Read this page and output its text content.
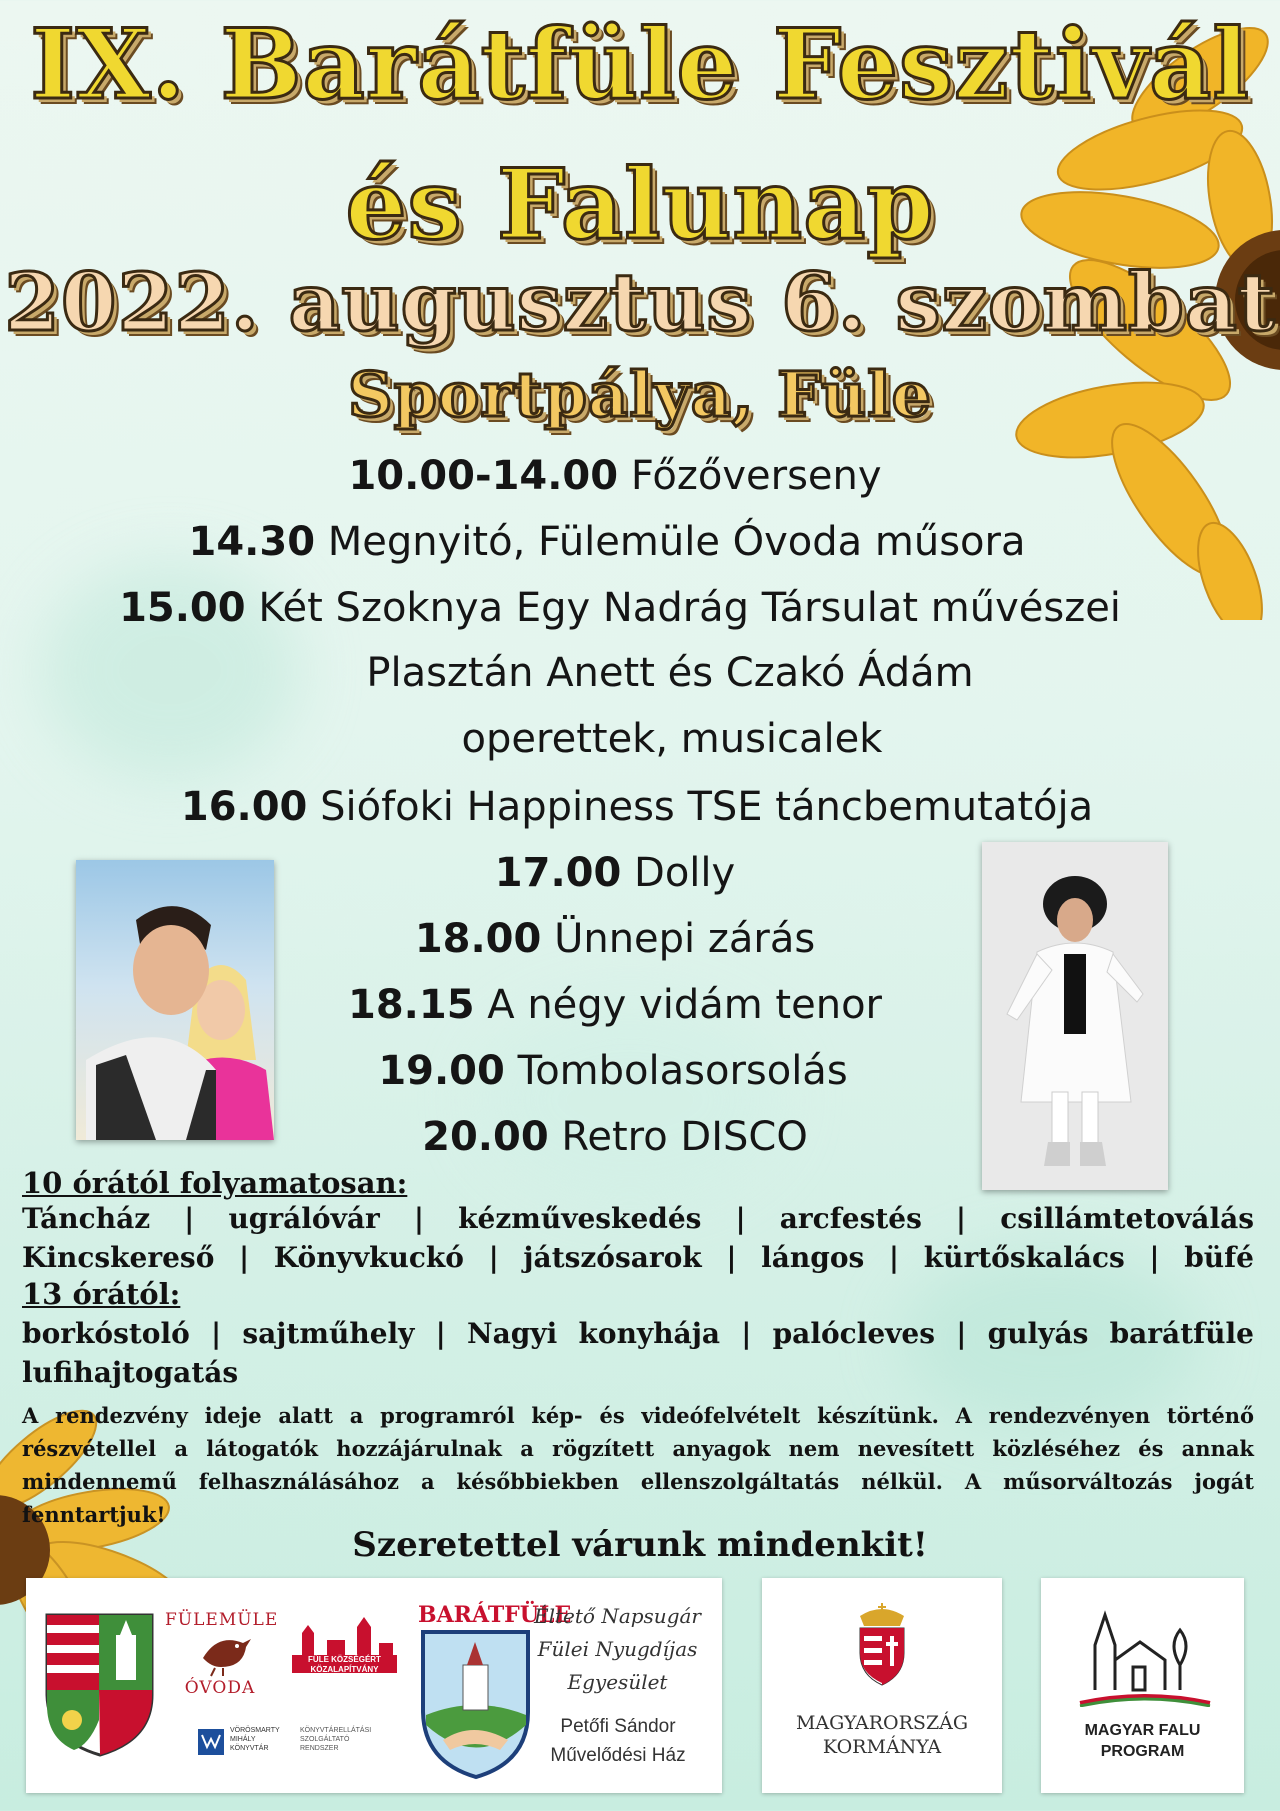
IX. Barátfüle Fesztivál
és Falunap
2022. augusztus 6. szombat
Sportpálya, Füle
10.00-14.00 Főzőverseny
14.30 Megnyitó, Fülemüle Óvoda műsora
15.00 Két Szoknya Egy Nadrág Társulat művészei
Plasztán Anett és Czakó Ádám
operettek, musicalek
16.00 Siófoki Happiness TSE táncbemutatója
17.00 Dolly
18.00 Ünnepi zárás
18.15 A négy vidám tenor
19.00 Tombolasorsolás
20.00 Retro DISCO
10 órától folyamatosan:
Táncház | ugrálóvár | kézműveskedés | arcfestés | csillámtetoválás
Kincskereső | Könyvkuckó | játszósarok | lángos | kürtőskalács | büfé
13 órától:
borkóstoló | sajtműhely | Nagyi konyhája | palócleves | gulyás barátfüle
lufihajtogatás
A rendezvény ideje alatt a programról kép- és videófelvételt készítünk. A rendezvényen történő részvétellel a látogatók hozzájárulnak a rögzített anyagok nem nevesített közléséhez és annak mindennemű felhasználásához a későbbiekben ellenszolgáltatás nélkül. A műsorváltozás jogát fenntartjuk!
Szeretettel várunk mindenkit!
FÜLEMÜLE
ÓVODA
FÜLE KÖZSÉGÉRT KÖZALAPÍTVÁNY
VÖRÖSMARTY MIHÁLY KÖNYVTÁR
KÖNYVTÁRELLÁTÁSI SZOLGÁLTATÓ RENDSZER
BARÁTFÜLE
Éltető Napsugár
Fülei Nyugdíjas
Egyesület
Petőfi Sándor
Művelődési Ház
MAGYARORSZÁG
KORMÁNYA
MAGYAR FALU
PROGRAM
